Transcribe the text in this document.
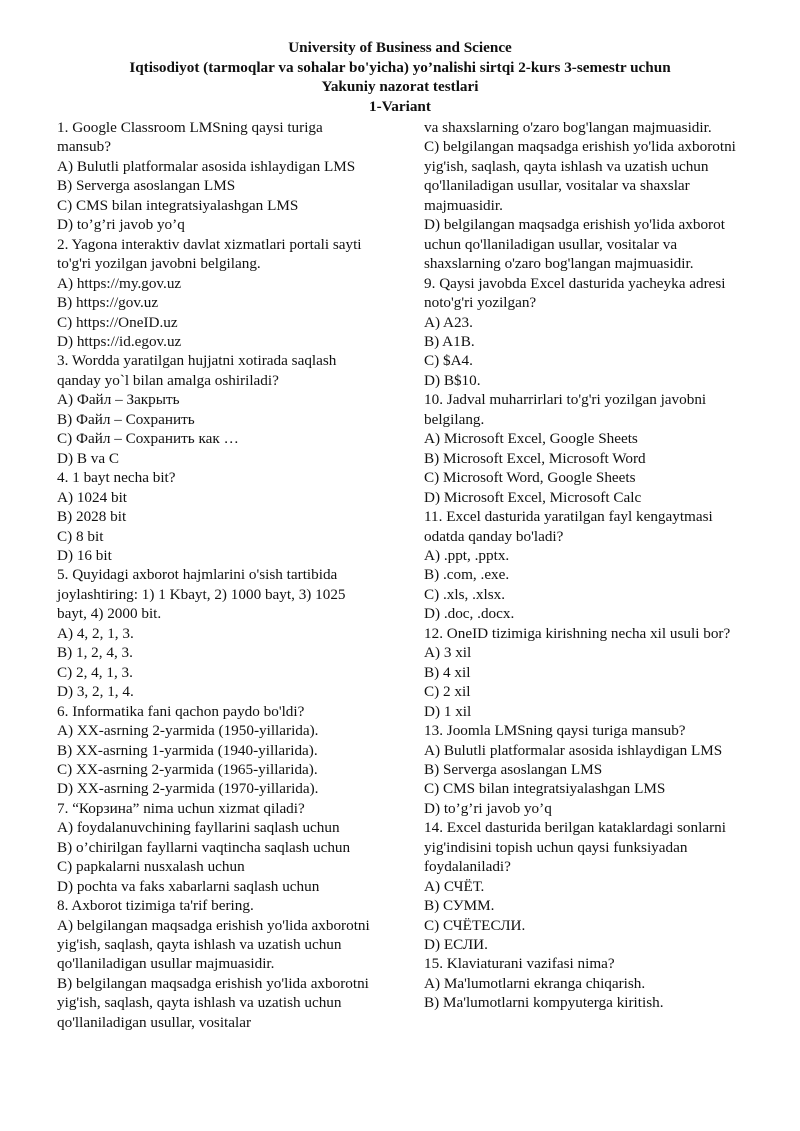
University of Business and Science
Iqtisodiyot (tarmoqlar va sohalar bo'yicha) yo’nalishi sirtqi 2-kurs 3-semestr uchun
Yakuniy nazorat testlari
1-Variant
1. Google Classroom LMSning qaysi turiga mansub?
A) Bulutli platformalar asosida ishlaydigan LMS
B) Serverga asoslangan LMS
C) CMS bilan integratsiyalashgan LMS
D) to’g’ri javob yo’q
2. Yagona interaktiv davlat xizmatlari portali sayti to'g'ri yozilgan javobni belgilang.
A) https://my.gov.uz
B) https://gov.uz
C) https://OneID.uz
D) https://id.egov.uz
3. Wordda yaratilgan hujjatni xotirada saqlash qanday yo`l bilan amalga oshiriladi?
A) Файл – Закрыть
B) Файл – Сохранить
C) Файл – Сохранить как …
D) B va C
4. 1 bayt necha bit?
A) 1024 bit
B) 2028 bit
C) 8 bit
D) 16 bit
5. Quyidagi axborot hajmlarini o'sish tartibida joylashtiring: 1) 1 Kbayt, 2) 1000 bayt, 3) 1025 bayt, 4) 2000 bit.
A) 4, 2, 1, 3.
B) 1, 2, 4, 3.
C) 2, 4, 1, 3.
D) 3, 2, 1, 4.
6. Informatika fani qachon paydo bo'ldi?
A) XX-asrning 2-yarmida (1950-yillarida).
B) XX-asrning 1-yarmida (1940-yillarida).
C) XX-asrning 2-yarmida (1965-yillarida).
D) XX-asrning 2-yarmida (1970-yillarida).
7. “Корзина” nima uchun xizmat qiladi?
A) foydalanuvchining fayllarini saqlash uchun
B) o’chirilgan fayllarni vaqtincha saqlash uchun
C) papkalarni nusxalash uchun
D) pochta va faks xabarlarni saqlash uchun
8. Axborot tizimiga ta'rif bering.
A) belgilangan maqsadga erishish yo'lida axborotni yig'ish, saqlash, qayta ishlash va uzatish uchun qo'llaniladigan usullar majmuasidir.
B) belgilangan maqsadga erishish yo'lida axborotni yig'ish, saqlash, qayta ishlash va uzatish uchun qo'llaniladigan usullar, vositalar
va shaxslarning o'zaro bog'langan majmuasidir.
C) belgilangan maqsadga erishish yo'lida axborotni yig'ish, saqlash, qayta ishlash va uzatish uchun qo'llaniladigan usullar, vositalar va shaxslar majmuasidir.
D) belgilangan maqsadga erishish yo'lida axborot uchun qo'llaniladigan usullar, vositalar va shaxslarning o'zaro bog'langan majmuasidir.
9. Qaysi javobda Excel dasturida yacheyka adresi noto'g'ri yozilgan?
A) A23.
B) A1B.
C) $A4.
D) B$10.
10. Jadval muharrirlari to'g'ri yozilgan javobni belgilang.
A) Microsoft Excel, Google Sheets
B) Microsoft Excel, Microsoft Word
C) Microsoft Word, Google Sheets
D) Microsoft Excel, Microsoft Calc
11. Excel dasturida yaratilgan fayl kengaytmasi odatda qanday bo'ladi?
A) .ppt, .pptx.
B) .com, .exe.
C) .xls, .xlsx.
D) .doc, .docx.
12. OneID tizimiga kirishning necha xil usuli bor?
A) 3 xil
B) 4 xil
C) 2 xil
D) 1 xil
13. Joomla LMSning qaysi turiga mansub?
A) Bulutli platformalar asosida ishlaydigan LMS
B) Serverga asoslangan LMS
C) CMS bilan integratsiyalashgan LMS
D) to’g’ri javob yo’q
14. Excel dasturida berilgan kataklardagi sonlarni yig'indisini topish uchun qaysi funksiyadan foydalaniladi?
A) СЧЁТ.
B) СУММ.
C) СЧЁТЕСЛИ.
D) ЕСЛИ.
15. Klaviaturani vazifasi nima?
A) Ma'lumotlarni ekranga chiqarish.
B) Ma'lumotlarni kompyuterga kiritish.
